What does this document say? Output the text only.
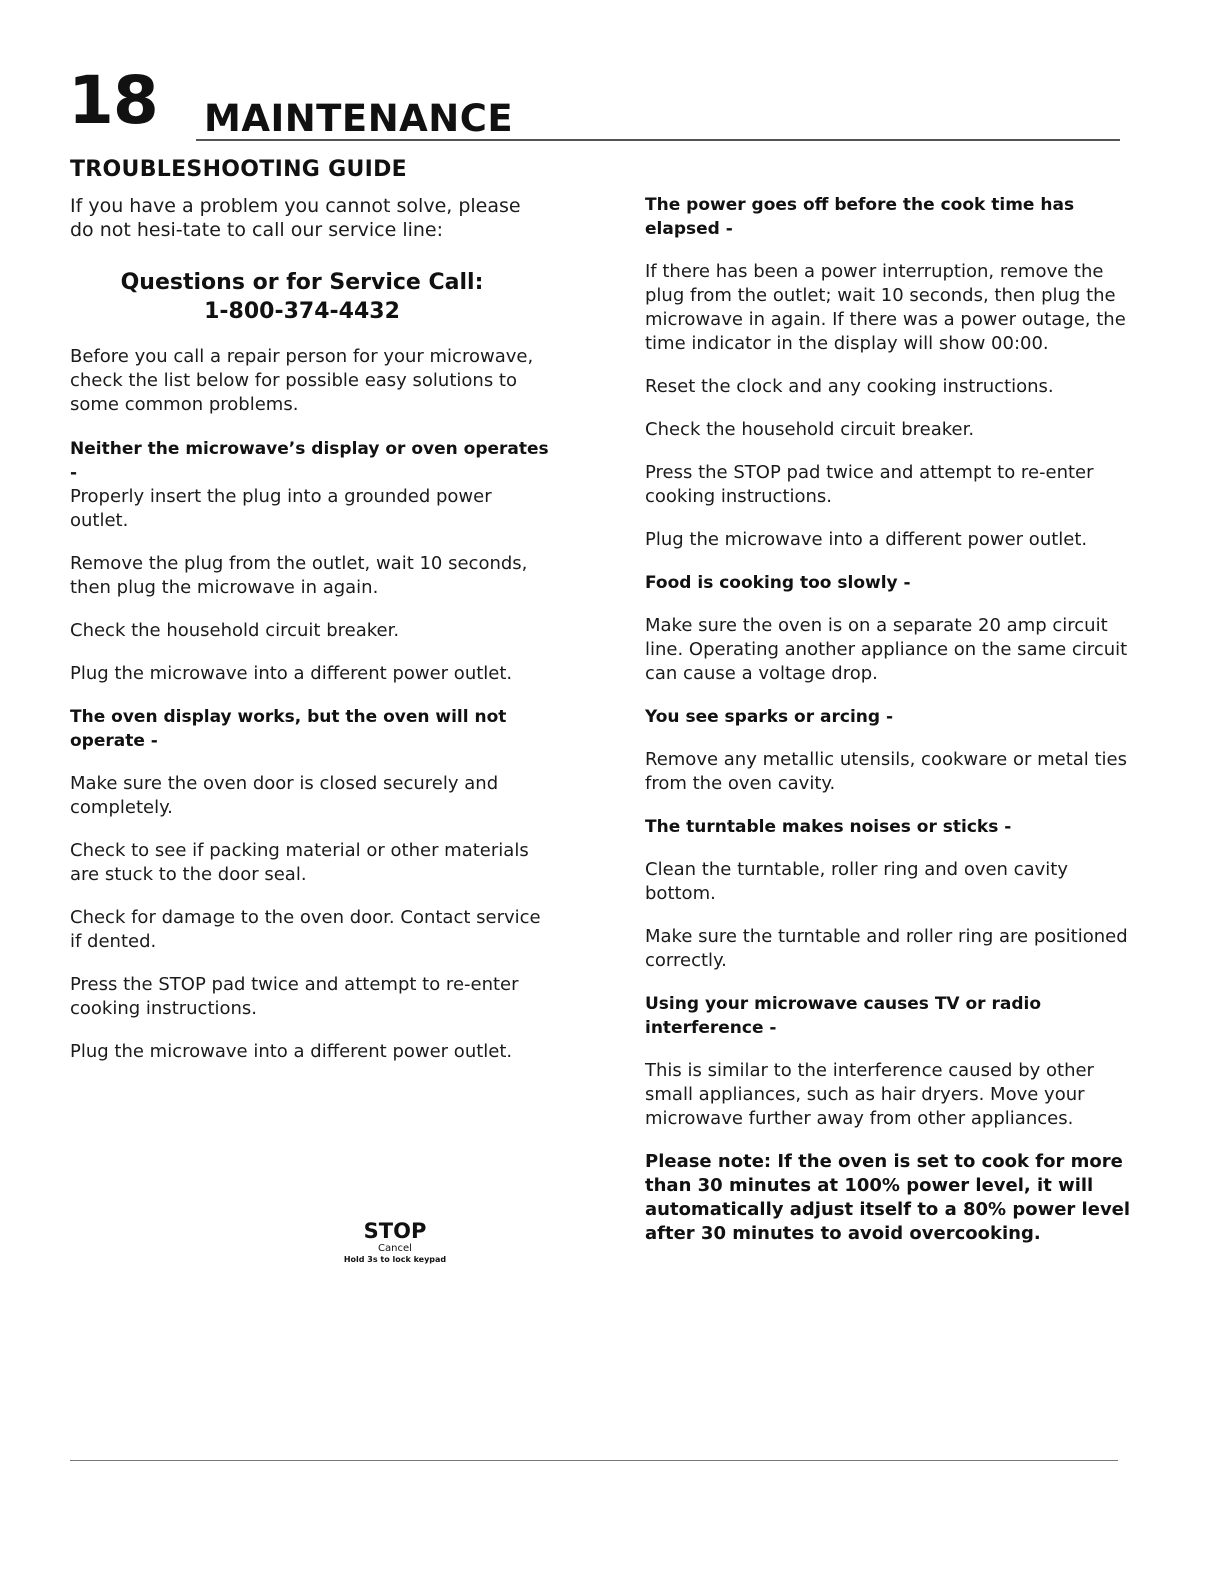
18 MAINTENANCE
TROUBLESHOOTING GUIDE

If you have a problem you cannot solve, please do not hesi-tate to call our service line:

Questions or for Service Call:
1-800-374-4432

Before you call a repair person for your microwave, check the list below for possible easy solutions to some common problems.

Neither the microwave’s display or oven operates -

Properly insert the plug into a grounded power outlet.

Remove the plug from the outlet, wait 10 seconds, then plug the microwave in again.

Check the household circuit breaker.

Plug the microwave into a different power outlet.

The oven display works, but the oven will not operate -

Make sure the oven door is closed securely and completely.

Check to see if packing material or other materials are stuck to the door seal.

Check for damage to the oven door. Contact service if dented.

Press the STOP pad twice and attempt to re-enter cooking instructions.

Plug the microwave into a different power outlet.

STOP
Cancel
Hold 3s to lock keypad

The power goes off before the cook time has elapsed -

If there has been a power interruption, remove the plug from the outlet; wait 10 seconds, then plug the microwave in again. If there was a power outage, the time indicator in the display will show 00:00.

Reset the clock and any cooking instructions.

Check the household circuit breaker.

Press the STOP pad twice and attempt to re-enter cooking instructions.

Plug the microwave into a different power outlet.

Food is cooking too slowly -

Make sure the oven is on a separate 20 amp circuit line. Operating another appliance on the same circuit can cause a voltage drop.

You see sparks or arcing -

Remove any metallic utensils, cookware or metal ties from the oven cavity.

The turntable makes noises or sticks -

Clean the turntable, roller ring and oven cavity bottom.

Make sure the turntable and roller ring are positioned correctly.

Using your microwave causes TV or radio interference -

This is similar to the interference caused by other small appliances, such as hair dryers. Move your microwave further away from other appliances.

Please note: If the oven is set to cook for more than 30 minutes at 100% power level, it will automatically adjust itself to a 80% power level after 30 minutes to avoid overcooking.
